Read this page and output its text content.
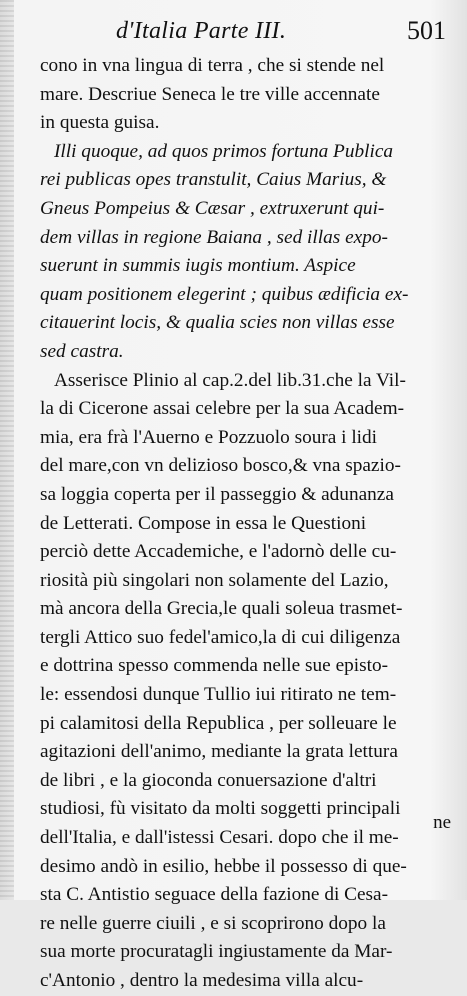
d'Italia Parte III.	501
cono in vna lingua di terra , che si stende nel
mare. Descriue Seneca le tre ville accennate
in questa guisa.
Illi quoque, ad quos primos fortuna Publica
rei publicas opes transtulit, Caius Marius, &
Gneus Pompeius & Cæsar , extruxerunt qui-
dem villas in regione Baiana , sed illas expo-
suerunt in summis iugis montium. Aspice
quam positionem elegerint ; quibus ædificia ex-
citauerint locis, & qualia scies non villas esse
sed castra.
Asserisce Plinio al cap.2.del lib.31.che la Vil-
la di Cicerone assai celebre per la sua Academ-
mia, era frà l'Auerno e Pozzuolo soura i lidi
del mare,con vn delizioso bosco,& vna spazio-
sa loggia coperta per il passeggio & adunanza
de Letterati. Compose in essa le Questioni
perciò dette Accademiche, e l'adornò delle cu-
riosità più singolari non solamente del Lazio,
mà ancora della Grecia,le quali soleua trasmet-
tergli Attico suo fedel'amico,la di cui diligenza
e dottrina spesso commenda nelle sue episto-
le: essendosi dunque Tullio iui ritirato ne tem-
pi calamitosi della Republica , per solleuare le
agitazioni dell'animo, mediante la grata lettura
de libri , e la gioconda conuersazione d'altri
studiosi, fù visitato da molti soggetti principali
dell'Italia, e dall'istessi Cesari. dopo che il me-
desimo andò in esilio, hebbe il possesso di que-
sta C. Antistio seguace della fazione di Cesa-
re nelle guerre ciuili , e si scoprirono dopo la
sua morte procuratagli ingiustamente da Mar-
c'Antonio , dentro la medesima villa alcu-
ne
